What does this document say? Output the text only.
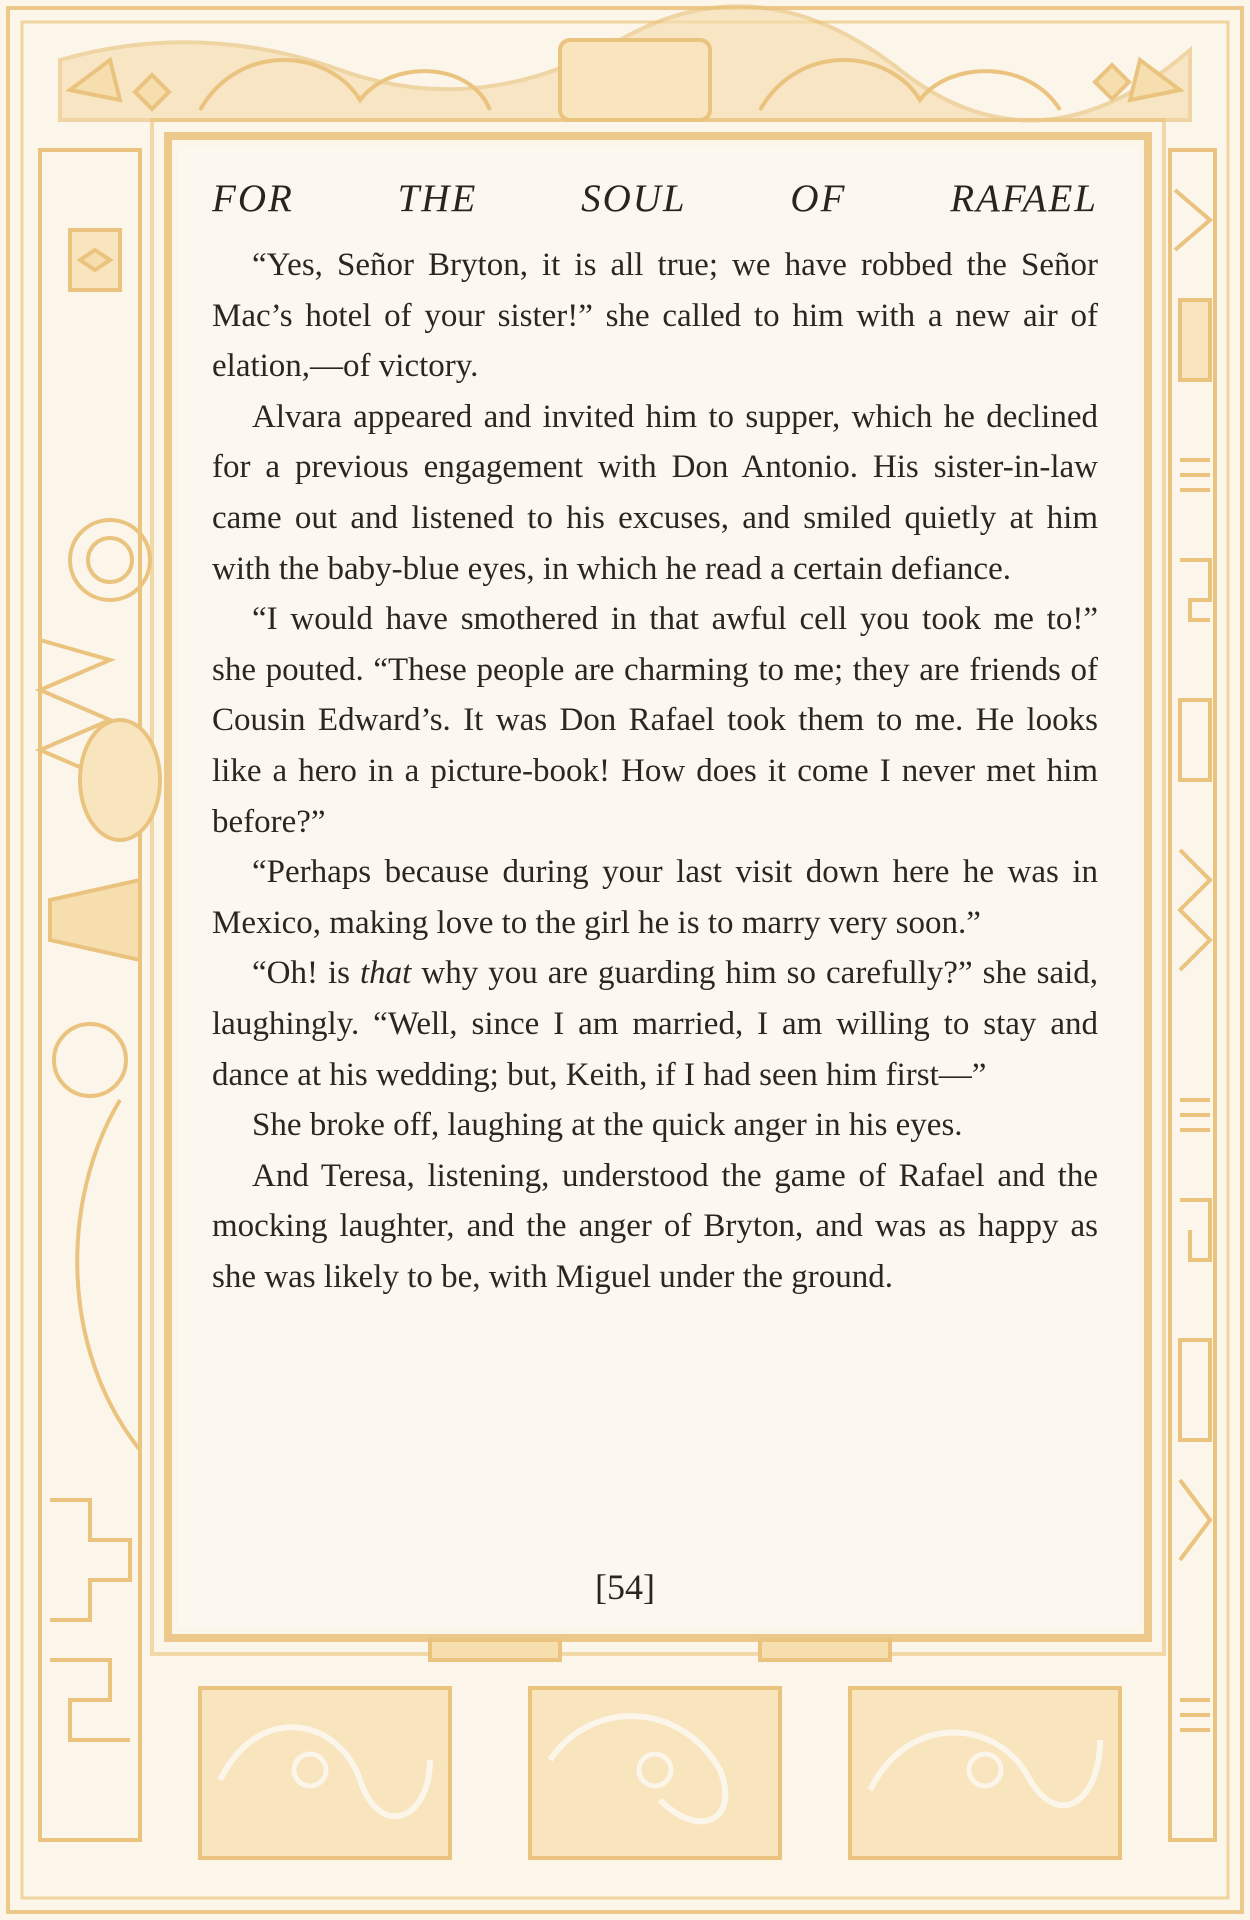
FOR	THE	SOUL	OF	RAFAEL

“Yes, Señor Bryton, it is all true; we have robbed the Señor Mac’s hotel of your sister!” she called to him with a new air of elation,—of victory.

Alvara appeared and invited him to supper, which he declined for a previous engagement with Don Antonio. His sister-in-law came out and listened to his excuses, and smiled quietly at him with the baby-blue eyes, in which he read a certain defiance.

“I would have smothered in that awful cell you took me to!” she pouted. “These people are charming to me; they are friends of Cousin Edward’s. It was Don Rafael took them to me. He looks like a hero in a picture-book! How does it come I never met him before?”

“Perhaps because during your last visit down here he was in Mexico, making love to the girl he is to marry very soon.”

“Oh! is that why you are guarding him so carefully?” she said, laughingly. “Well, since I am married, I am willing to stay and dance at his wedding; but, Keith, if I had seen him first—”

She broke off, laughing at the quick anger in his eyes.

And Teresa, listening, understood the game of Rafael and the mocking laughter, and the anger of Bryton, and was as happy as she was likely to be, with Miguel under the ground.

[54]
